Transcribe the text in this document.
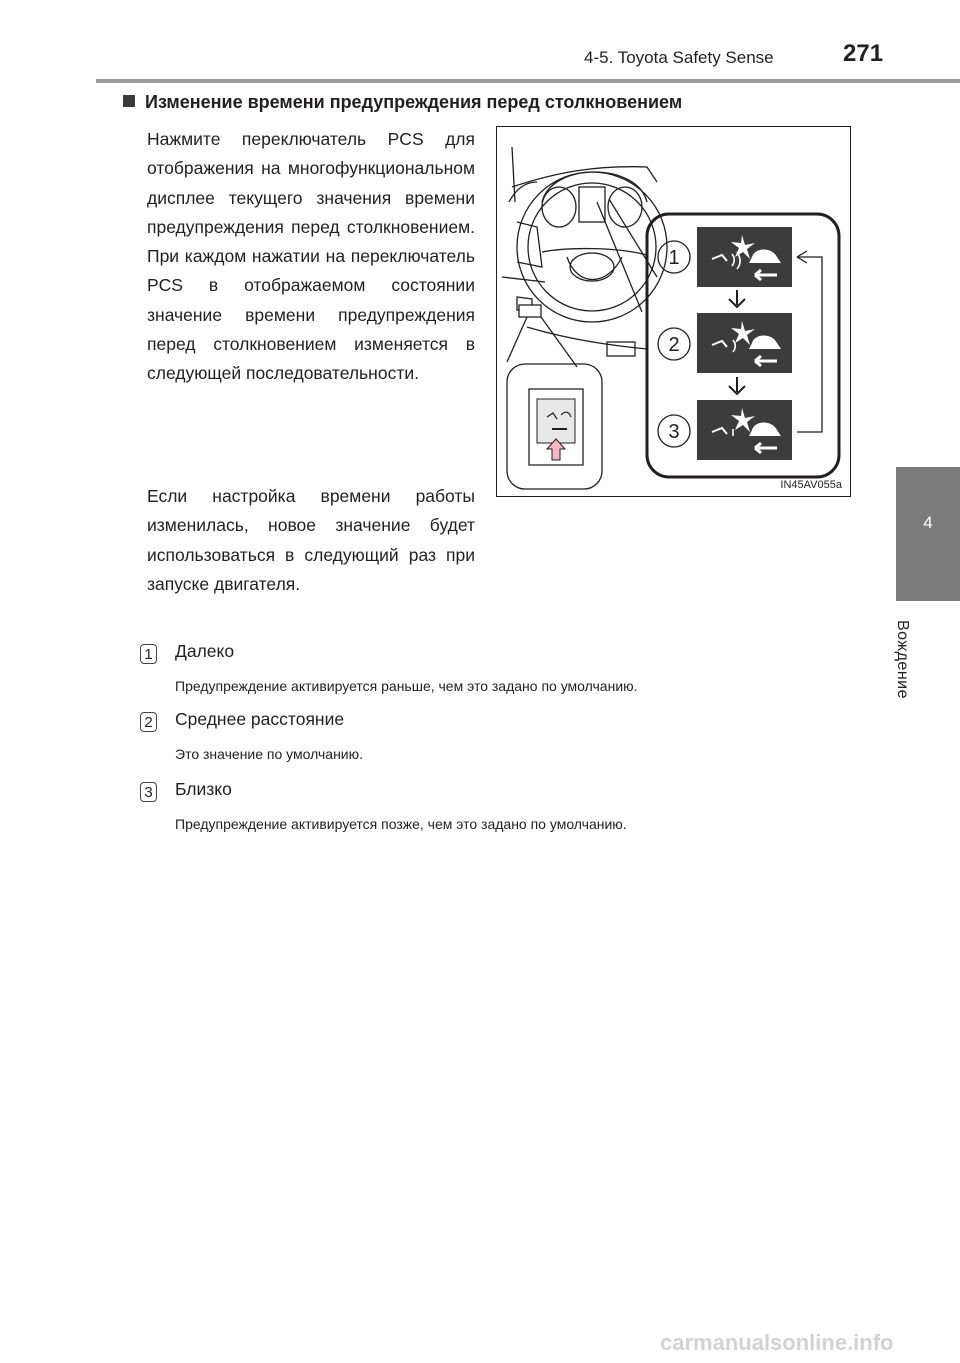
4-5. Toyota Safety Sense	271
4
Вождение
Изменение времени предупреждения перед столкновением

Нажмите переключатель PCS для отображения на многофункциональном дисплее текущего значения времени предупреждения перед столкновением. При каждом нажатии на переключатель PCS в отображаемом состоянии значение времени предупреждения перед столкновением изменяется в следующей последовательности.

Если настройка времени работы изменилась, новое значение будет использоваться в следующий раз при запуске двигателя.

1
2
3
IN45AV055a
1 Далеко
Предупреждение активируется раньше, чем это задано по умолчанию.
2 Среднее расстояние
Это значение по умолчанию.
3 Близко
Предупреждение активируется позже, чем это задано по умолчанию.
carmanualsonline.info
